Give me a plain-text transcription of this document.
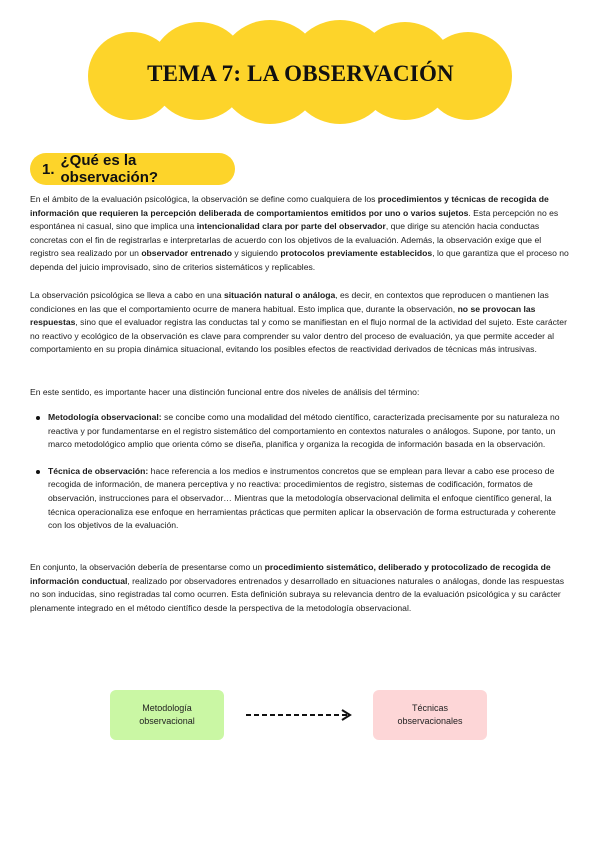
TEMA 7: LA OBSERVACIÓN
1. ¿Qué es la observación?

En el ámbito de la evaluación psicológica, la observación se define como cualquiera de los procedimientos y técnicas de recogida de información que requieren la percepción deliberada de comportamientos emitidos por uno o varios sujetos. Esta percepción no es espontánea ni casual, sino que implica una intencionalidad clara por parte del observador, que dirige su atención hacia conductas concretas con el fin de registrarlas e interpretarlas de acuerdo con los objetivos de la evaluación. Además, la observación exige que el registro sea realizado por un observador entrenado y siguiendo protocolos previamente establecidos, lo que garantiza que el proceso no dependa del juicio improvisado, sino de criterios sistemáticos y replicables.

La observación psicológica se lleva a cabo en una situación natural o análoga, es decir, en contextos que reproducen o mantienen las condiciones en las que el comportamiento ocurre de manera habitual. Esto implica que, durante la observación, no se provocan las respuestas, sino que el evaluador registra las conductas tal y como se manifiestan en el flujo normal de la actividad del sujeto. Este carácter no reactivo y ecológico de la observación es clave para comprender su valor dentro del proceso de evaluación, ya que permite acceder al comportamiento en su propia dinámica situacional, evitando los posibles efectos de reactividad derivados de técnicas más intrusivas.

En este sentido, es importante hacer una distinción funcional entre dos niveles de análisis del término:

Metodología observacional: se concibe como una modalidad del método científico, caracterizada precisamente por su naturaleza no reactiva y por fundamentarse en el registro sistemático del comportamiento en contextos naturales o análogos. Supone, por tanto, un marco metodológico amplio que orienta cómo se diseña, planifica y organiza la recogida de información basada en la observación.
Técnica de observación: hace referencia a los medios e instrumentos concretos que se emplean para llevar a cabo ese proceso de recogida de información, de manera perceptiva y no reactiva: procedimientos de registro, sistemas de codificación, formatos de observación, instrucciones para el observador… Mientras que la metodología observacional delimita el enfoque científico general, la técnica operacionaliza ese enfoque en herramientas prácticas que permiten aplicar la observación de forma estructurada y coherente con los objetivos de la evaluación.

En conjunto, la observación debería de presentarse como un procedimiento sistemático, deliberado y protocolizado de recogida de información conductual, realizado por observadores entrenados y desarrollado en situaciones naturales o análogas, donde las respuestas no son inducidas, sino registradas tal como ocurren. Esta definición subraya su relevancia dentro de la evaluación psicológica y su carácter plenamente integrado en el método científico desde la perspectiva de la metodología observacional.

Metodología
observacional
Técnicas
observacionales
